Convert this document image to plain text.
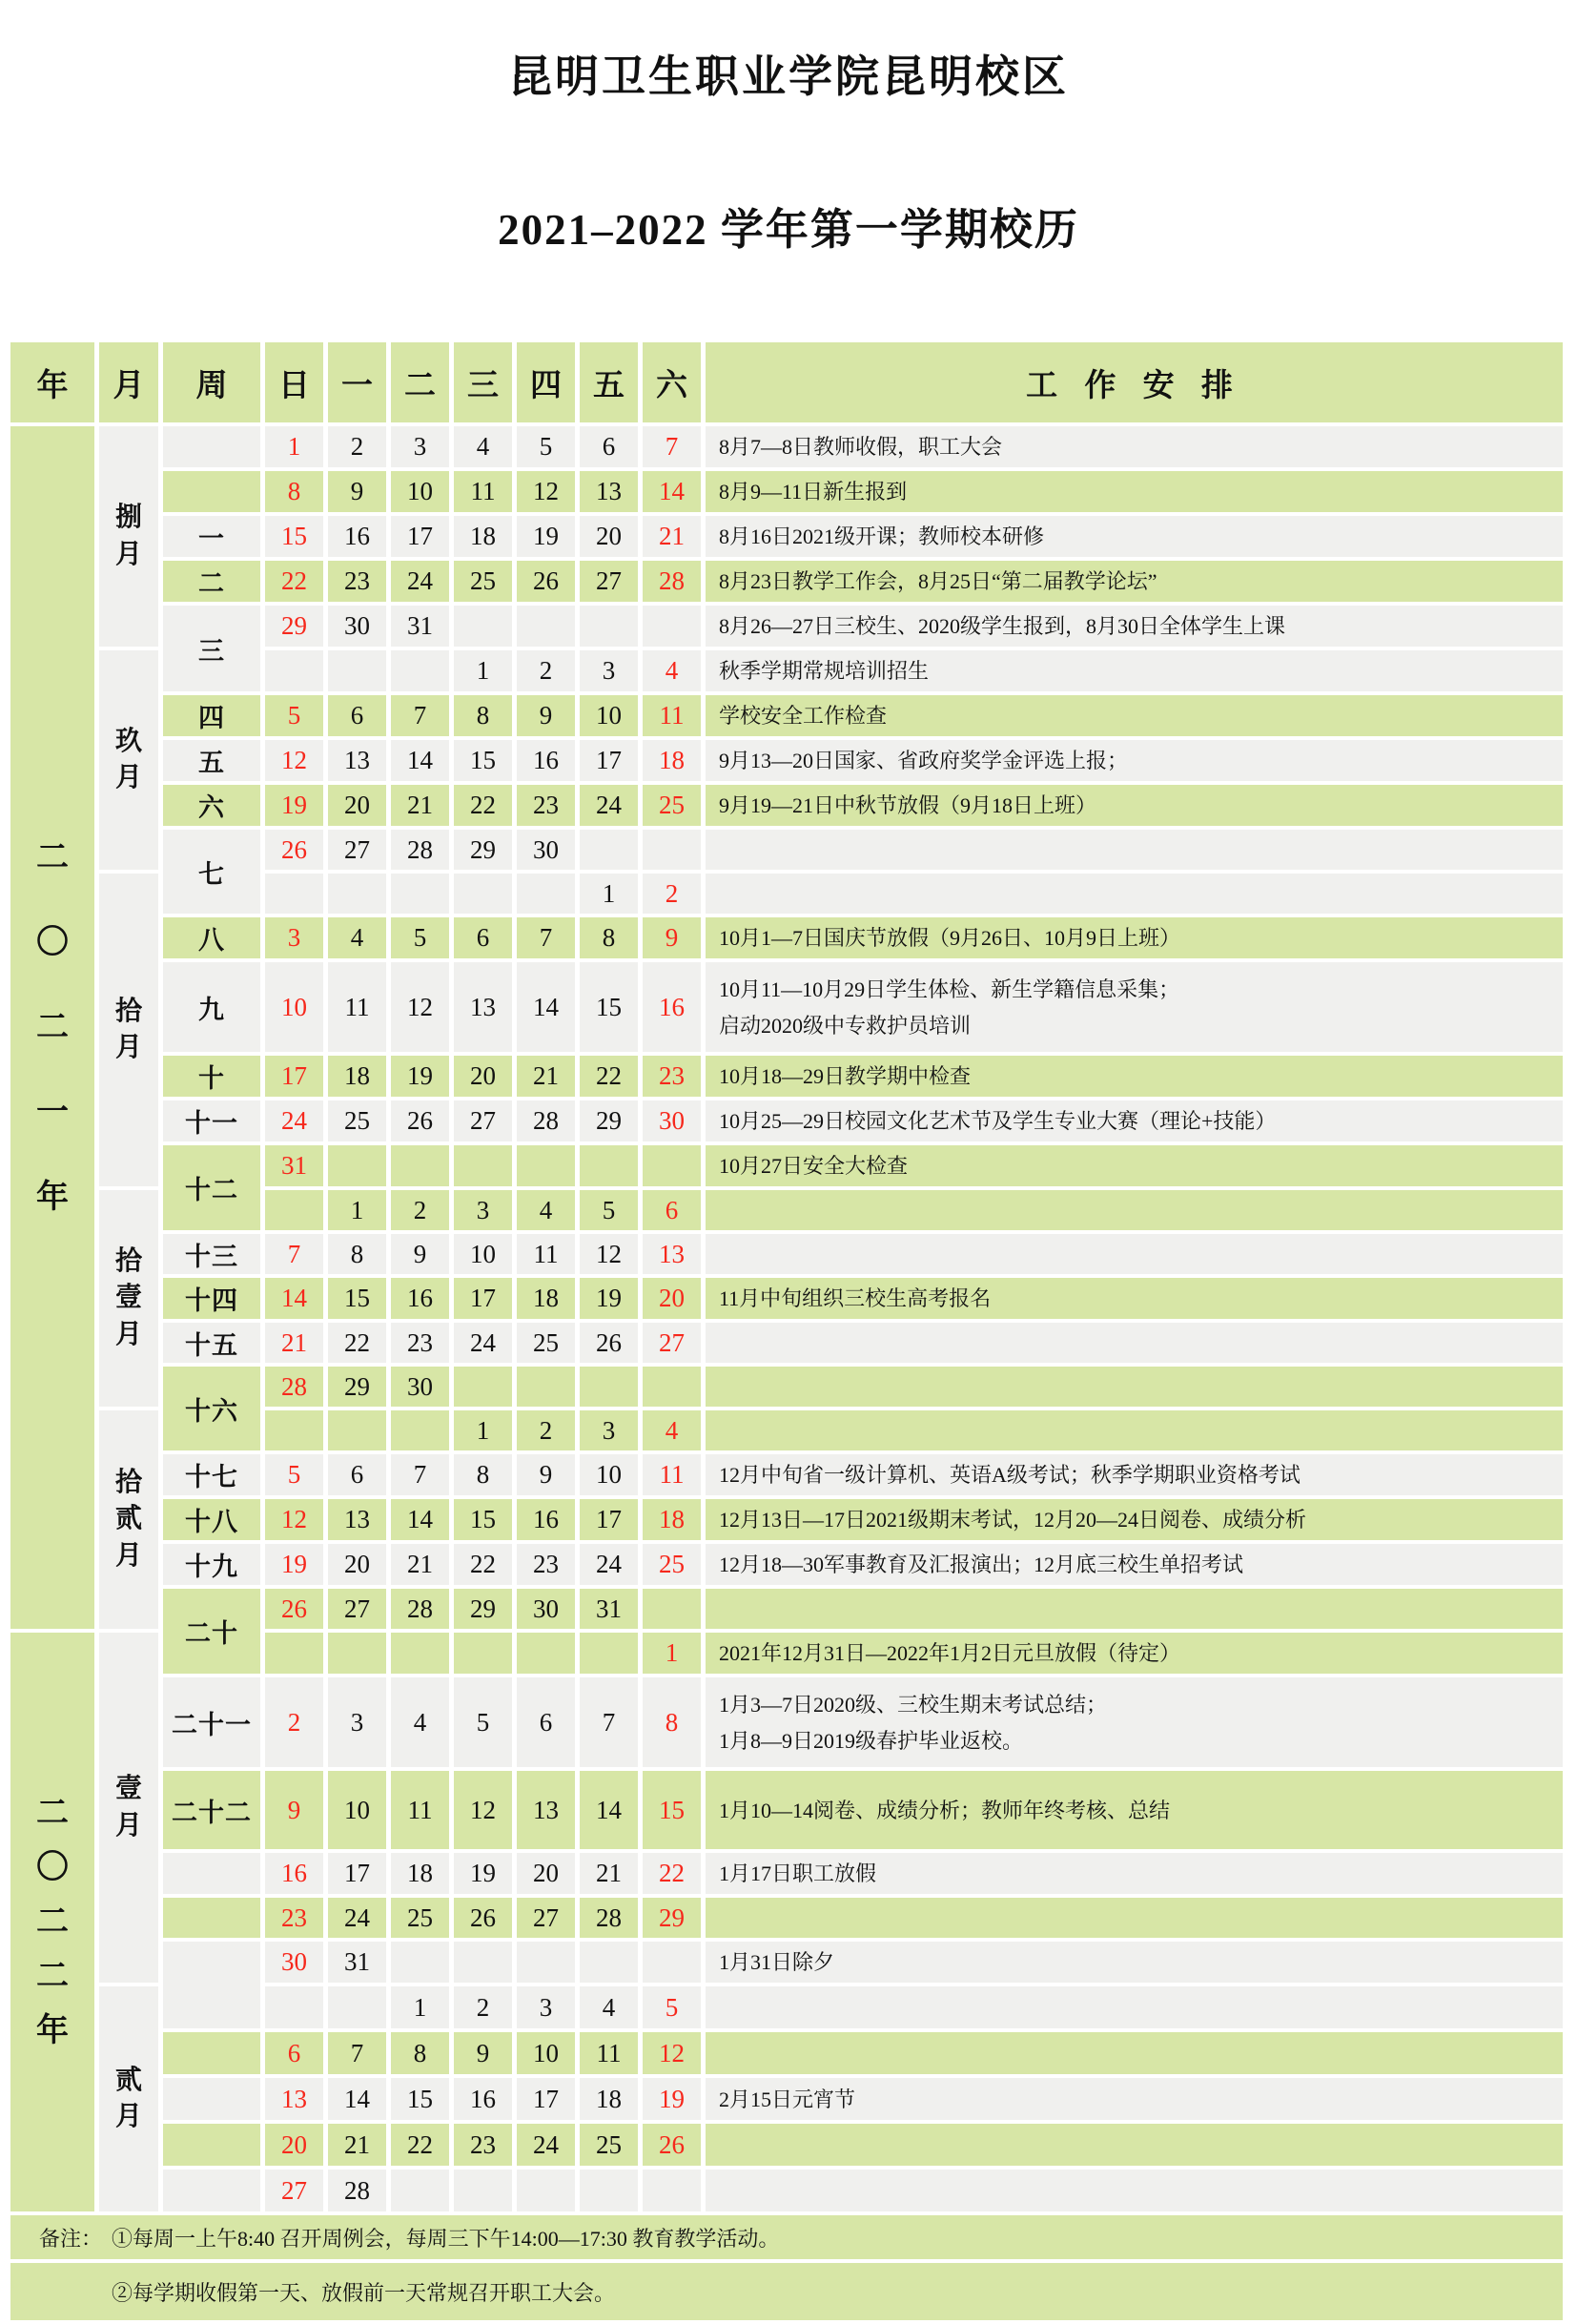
昆明卫生职业学院昆明校区
2021–2022 学年第一学期校历
年	月	周	日	一	二	三	四	五	六	工 作 安 排

二
〇
二
一
年	捌
月		1	2	3	4	5	6	7	8月7—8日教师收假，职工大会

			8	9	10	11	12	13	14	8月9—11日新生报到

		一	15	16	17	18	19	20	21	8月16日2021级开课；教师校本研修

		二	22	23	24	25	26	27	28	8月23日教学工作会，8月25日“第二届教学论坛”

		三	29	30	31					8月26—27日三校生、2020级学生报到，8月30日全体学生上课

	玖
月					1	2	3	4	秋季学期常规培训招生

		四	5	6	7	8	9	10	11	学校安全工作检查

		五	12	13	14	15	16	17	18	9月13—20日国家、省政府奖学金评选上报；

		六	19	20	21	22	23	24	25	9月19—21日中秋节放假（9月18日上班）

		七	26	27	28	29	30			

	拾
月							1	2	
		八	3	4	5	6	7	8	9	10月1—7日国庆节放假（9月26日、10月9日上班）

		九	10	11	12	13	14	15	16	10月11—10月29日学生体检、新生学籍信息采集；
启动2020级中专救护员培训

		十	17	18	19	20	21	22	23	10月18—29日教学期中检查

		十一	24	25	26	27	28	29	30	10月25—29日校园文化艺术节及学生专业大赛（理论+技能）

		十二	31							10月27日安全大检查

	拾
壹
月			1	2	3	4	5	6	
		十三	7	8	9	10	11	12	13	
		十四	14	15	16	17	18	19	20	11月中旬组织三校生高考报名

		十五	21	22	23	24	25	26	27	
		十六	28	29	30					

	拾
贰
月					1	2	3	4	
		十七	5	6	7	8	9	10	11	12月中旬省一级计算机、英语A级考试；秋季学期职业资格考试

		十八	12	13	14	15	16	17	18	12月13日—17日2021级期末考试，12月20—24日阅卷、成绩分析

		十九	19	20	21	22	23	24	25	12月18—30军事教育及汇报演出；12月底三校生单招考试

		二十	26	27	28	29	30	31		

二
〇
二
二
年	壹
月								1	2021年12月31日—2022年1月2日元旦放假（待定）

		二十一	2	3	4	5	6	7	8	1月3—7日2020级、三校生期末考试总结；
1月8—9日2019级春护毕业返校。

		二十二	9	10	11	12	13	14	15	1月10—14阅卷、成绩分析；教师年终考核、总结

			16	17	18	19	20	21	22	1月17日职工放假

			23	24	25	26	27	28	29	
			30	31						1月31日除夕

	贰
月				1	2	3	4	5	
			6	7	8	9	10	11	12	
			13	14	15	16	17	18	19	2月15日元宵节

			20	21	22	23	24	25	26	
			27	28						
备注： ①每周一上午8:40 召开周例会，每周三下午14:00—17:30 教育教学活动。										
②每学期收假第一天、放假前一天常规召开职工大会。										
